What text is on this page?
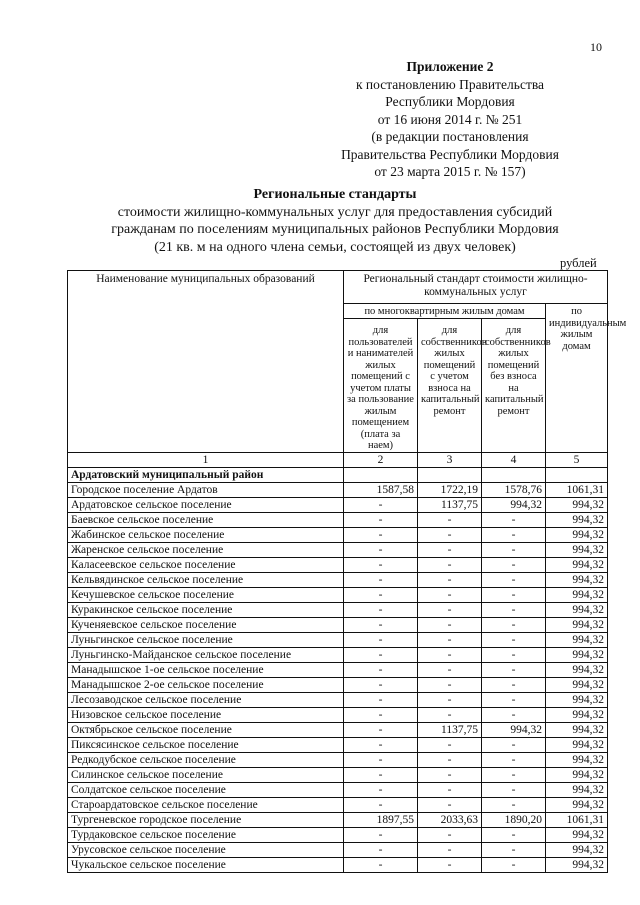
10
Приложение 2
к постановлению Правительства
Республики Мордовия
от 16 июня 2014 г. № 251
(в редакции постановления
Правительства Республики Мордовия
от 23 марта 2015 г. № 157)
Региональные стандарты
стоимости жилищно-коммунальных услуг для предоставления субсидий
гражданам по поселениям муниципальных районов Республики Мордовия
(21 кв. м на одного члена семьи, состоящей из двух человек)
рублей
Наименование муниципальных образований	Региональный стандарт стоимости жилищно-коммунальных услуг			
	по многоквартирным жилым домам			по индивидуальным жилым домам
	для пользователей и нанимателей жилых помещений с учетом платы за пользование жилым помещением (плата за наем)	для собственников жилых помещений с учетом взноса на капитальный ремонт	для собственников жилых помещений без взноса на капитальный ремонт	
1	2	3	4	5
Ардатовский муниципальный район				
Городское поселение Ардатов	1587,58	1722,19	1578,76	1061,31
Ардатовское сельское поселение	-	1137,75	994,32	994,32
Баевское сельское поселение	-	-	-	994,32
Жабинское сельское поселение	-	-	-	994,32
Жаренское сельское поселение	-	-	-	994,32
Каласеевское сельское поселение	-	-	-	994,32
Кельвядинское сельское поселение	-	-	-	994,32
Кечушевское сельское поселение	-	-	-	994,32
Куракинское сельское поселение	-	-	-	994,32
Кученяевское сельское поселение	-	-	-	994,32
Луньгинское сельское поселение	-	-	-	994,32
Луньгинско-Майданское сельское поселение	-	-	-	994,32
Манадышское 1-ое сельское поселение	-	-	-	994,32
Манадышское 2-ое сельское поселение	-	-	-	994,32
Лесозаводское сельское поселение	-	-	-	994,32
Низовское сельское поселение	-	-	-	994,32
Октябрьское сельское поселение	-	1137,75	994,32	994,32
Пиксясинское сельское поселение	-	-	-	994,32
Редкодубское сельское поселение	-	-	-	994,32
Силинское сельское поселение	-	-	-	994,32
Солдатское сельское поселение	-	-	-	994,32
Староардатовское сельское поселение	-	-	-	994,32
Тургеневское городское поселение	1897,55	2033,63	1890,20	1061,31
Турдаковское сельское поселение	-	-	-	994,32
Урусовское сельское поселение	-	-	-	994,32
Чукальское сельское поселение	-	-	-	994,32
